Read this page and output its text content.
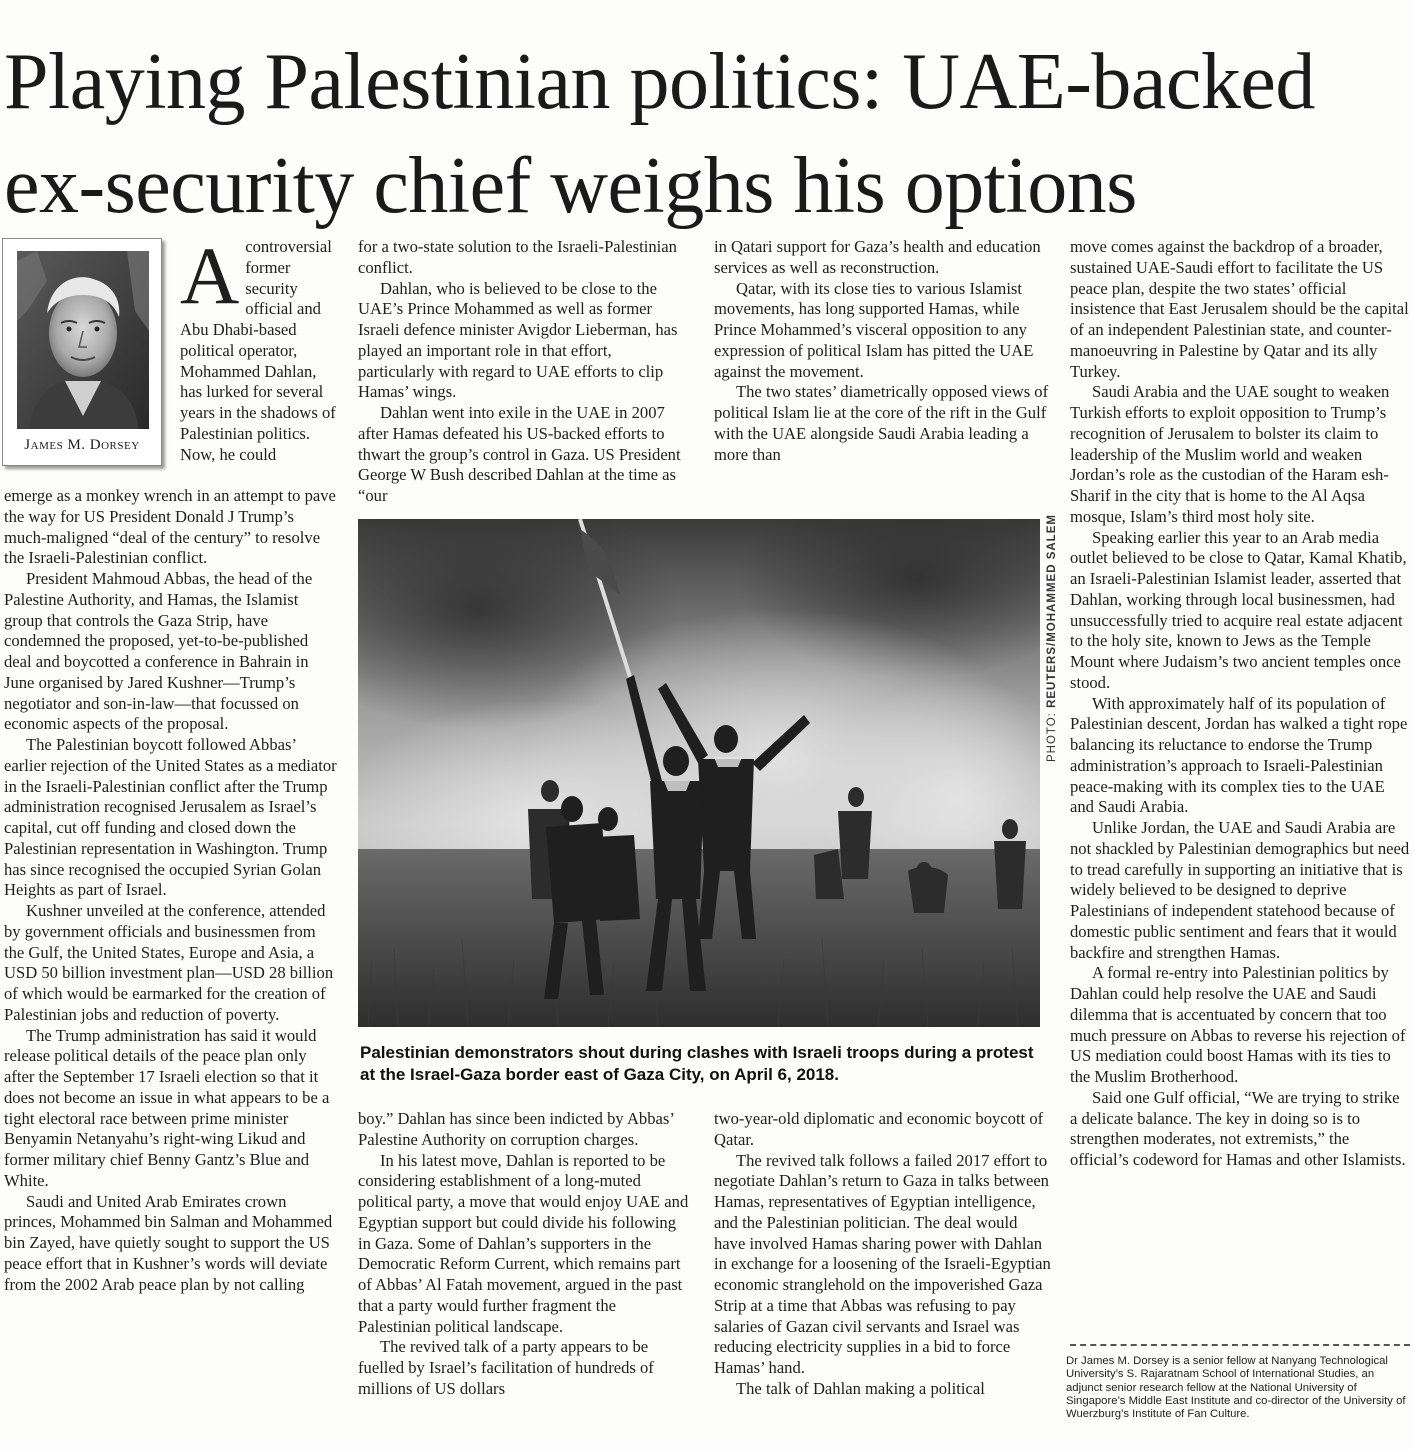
Playing Palestinian politics: UAE-backed ex-security chief weighs his options
James M. Dorsey
Acontroversial former security official and Abu Dhabi-based political operator, Mohammed Dahlan, has lurked for several years in the shadows of Palestinian politics. Now, he could

emerge as a monkey wrench in an attempt to pave the way for US President Donald J Trump’s much-maligned “deal of the century” to resolve the Israeli-Palestinian conflict.

President Mahmoud Abbas, the head of the Palestine Authority, and Hamas, the Islamist group that controls the Gaza Strip, have condemned the proposed, yet-to-be-published deal and boycotted a conference in Bahrain in June organised by Jared Kushner—Trump’s negotiator and son-in-law—that focussed on economic aspects of the proposal.

The Palestinian boycott followed Abbas’ earlier rejection of the United States as a mediator in the Israeli-Palestinian conflict after the Trump administration recognised Jerusalem as Israel’s capital, cut off funding and closed down the Palestinian representation in Washington. Trump has since recognised the occupied Syrian Golan Heights as part of Israel.

Kushner unveiled at the conference, attended by government officials and businessmen from the Gulf, the United States, Europe and Asia, a USD 50 billion investment plan—USD 28 billion of which would be earmarked for the creation of Palestinian jobs and reduction of poverty.

The Trump administration has said it would release political details of the peace plan only after the September 17 Israeli election so that it does not become an issue in what appears to be a tight electoral race between prime minister Benyamin Netanyahu’s right-wing Likud and former military chief Benny Gantz’s Blue and White.

Saudi and United Arab Emirates crown princes, Mohammed bin Salman and Mohammed bin Zayed, have quietly sought to support the US peace effort that in Kushner’s words will deviate from the 2002 Arab peace plan by not calling

for a two-state solution to the Israeli-Palestinian conflict.

Dahlan, who is believed to be close to the UAE’s Prince Mohammed as well as former Israeli defence minister Avigdor Lieberman, has played an important role in that effort, particularly with regard to UAE efforts to clip Hamas’ wings.

Dahlan went into exile in the UAE in 2007 after Hamas defeated his US-backed efforts to thwart the group’s control in Gaza. US President George W Bush described Dahlan at the time as “our

in Qatari support for Gaza’s health and education services as well as reconstruction.

Qatar, with its close ties to various Islamist movements, has long supported Hamas, while Prince Mohammed’s visceral opposition to any expression of political Islam has pitted the UAE against the movement.

The two states’ diametrically opposed views of political Islam lie at the core of the rift in the Gulf with the UAE alongside Saudi Arabia leading a more than

PHOTO: REUTERS/MOHAMMED SALEM
Palestinian demonstrators shout during clashes with Israeli troops during a protest at the Israel-Gaza border east of Gaza City, on April 6, 2018.

boy.” Dahlan has since been indicted by Abbas’ Palestine Authority on corruption charges.

In his latest move, Dahlan is reported to be considering establishment of a long-muted political party, a move that would enjoy UAE and Egyptian support but could divide his following in Gaza. Some of Dahlan’s supporters in the Democratic Reform Current, which remains part of Abbas’ Al Fatah movement, argued in the past that a party would further fragment the Palestinian political landscape.

The revived talk of a party appears to be fuelled by Israel’s facilitation of hundreds of millions of US dollars

two-year-old diplomatic and economic boycott of Qatar.

The revived talk follows a failed 2017 effort to negotiate Dahlan’s return to Gaza in talks between Hamas, representatives of Egyptian intelligence, and the Palestinian politician. The deal would have involved Hamas sharing power with Dahlan in exchange for a loosening of the Israeli-Egyptian economic stranglehold on the impoverished Gaza Strip at a time that Abbas was refusing to pay salaries of Gazan civil servants and Israel was reducing electricity supplies in a bid to force Hamas’ hand.

The talk of Dahlan making a political

move comes against the backdrop of a broader, sustained UAE-Saudi effort to facilitate the US peace plan, despite the two states’ official insistence that East Jerusalem should be the capital of an independent Palestinian state, and counter-manoeuvring in Palestine by Qatar and its ally Turkey.

Saudi Arabia and the UAE sought to weaken Turkish efforts to exploit opposition to Trump’s recognition of Jerusalem to bolster its claim to leadership of the Muslim world and weaken Jordan’s role as the custodian of the Haram esh-Sharif in the city that is home to the Al Aqsa mosque, Islam’s third most holy site.

Speaking earlier this year to an Arab media outlet believed to be close to Qatar, Kamal Khatib, an Israeli-Palestinian Islamist leader, asserted that Dahlan, working through local businessmen, had unsuccessfully tried to acquire real estate adjacent to the holy site, known to Jews as the Temple Mount where Judaism’s two ancient temples once stood.

With approximately half of its population of Palestinian descent, Jordan has walked a tight rope balancing its reluctance to endorse the Trump administration’s approach to Israeli-Palestinian peace-making with its complex ties to the UAE and Saudi Arabia.

Unlike Jordan, the UAE and Saudi Arabia are not shackled by Palestinian demographics but need to tread carefully in supporting an initiative that is widely believed to be designed to deprive Palestinians of independent statehood because of domestic public sentiment and fears that it would backfire and strengthen Hamas.

A formal re-entry into Palestinian politics by Dahlan could help resolve the UAE and Saudi dilemma that is accentuated by concern that too much pressure on Abbas to reverse his rejection of US mediation could boost Hamas with its ties to the Muslim Brotherhood.

Said one Gulf official, “We are trying to strike a delicate balance. The key in doing so is to strengthen moderates, not extremists,” the official’s codeword for Hamas and other Islamists.

Dr James M. Dorsey is a senior fellow at Nanyang Technological University’s S. Rajaratnam School of International Studies, an adjunct senior research fellow at the National University of Singapore’s Middle East Institute and co-director of the University of Wuerzburg’s Institute of Fan Culture.
